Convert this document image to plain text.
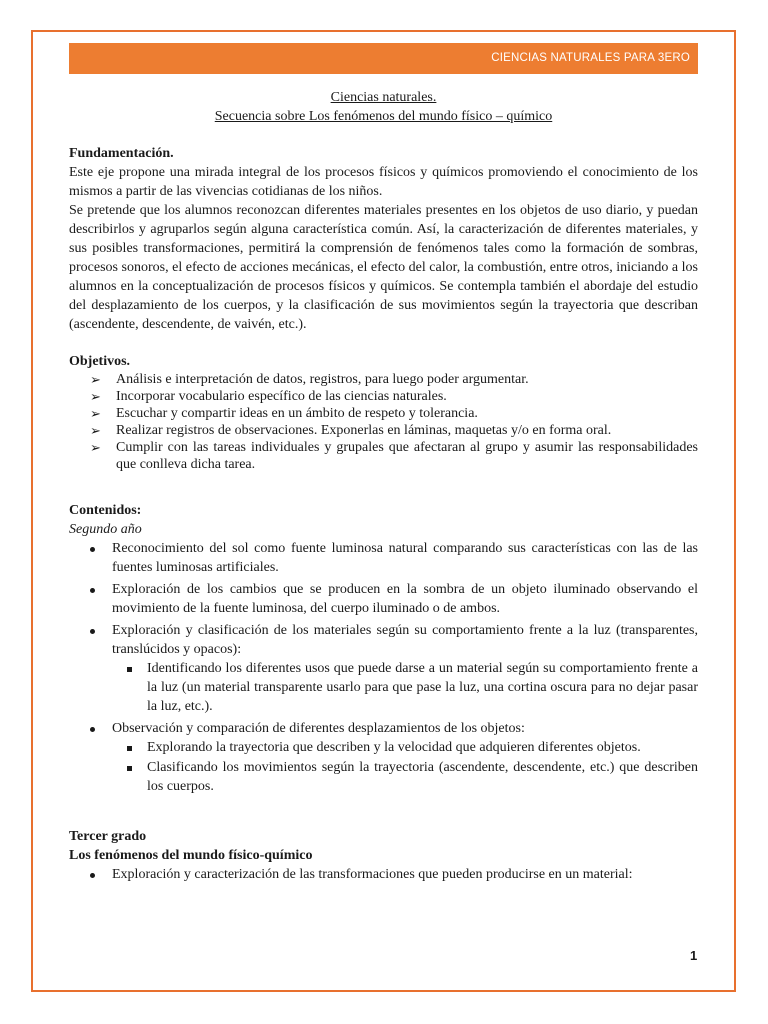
CIENCIAS NATURALES PARA 3ERO

Ciencias naturales.

Secuencia sobre Los fenómenos del mundo físico – químico

Fundamentación.

Este eje propone una mirada integral de los procesos físicos y químicos promoviendo el conocimiento de los mismos a partir de las vivencias cotidianas de los niños.

Se pretende que los alumnos reconozcan diferentes materiales presentes en los objetos de uso diario, y puedan describirlos y agruparlos según alguna característica común. Así, la caracterización de diferentes materiales, y sus posibles transformaciones, permitirá la comprensión de fenómenos tales como la formación de sombras, procesos sonoros, el efecto de acciones mecánicas, el efecto del calor, la combustión, entre otros, iniciando a los alumnos en la conceptualización de procesos físicos y químicos. Se contempla también el abordaje del estudio del desplazamiento de los cuerpos, y la clasificación de sus movimientos según la trayectoria que describan (ascendente, descendente, de vaivén, etc.).

Objetivos.

➢ Análisis e interpretación de datos, registros, para luego poder argumentar.
➢ Incorporar vocabulario específico de las ciencias naturales.
➢ Escuchar y compartir ideas en un ámbito de respeto y tolerancia.
➢ Realizar registros de observaciones. Exponerlas en láminas, maquetas y/o en forma oral.
➢ Cumplir con las tareas individuales y grupales que afectaran al grupo y asumir las responsabilidades que conlleva dicha tarea.

Contenidos:

Segundo año

Reconocimiento del sol como fuente luminosa natural comparando sus características con las de las fuentes luminosas artificiales.
Exploración de los cambios que se producen en la sombra de un objeto iluminado observando el movimiento de la fuente luminosa, del cuerpo iluminado o de ambos.
Exploración y clasificación de los materiales según su comportamiento frente a la luz (transparentes, translúcidos y opacos):
Identificando los diferentes usos que puede darse a un material según su comportamiento frente a la luz (un material transparente usarlo para que pase la luz, una cortina oscura para no dejar pasar la luz, etc.).
Observación y comparación de diferentes desplazamientos de los objetos:
Explorando la trayectoria que describen y la velocidad que adquieren diferentes objetos.
Clasificando los movimientos según la trayectoria (ascendente, descendente, etc.) que describen los cuerpos.

Tercer grado

Los fenómenos del mundo físico-químico

Exploración y caracterización de las transformaciones que pueden producirse en un material:
1
